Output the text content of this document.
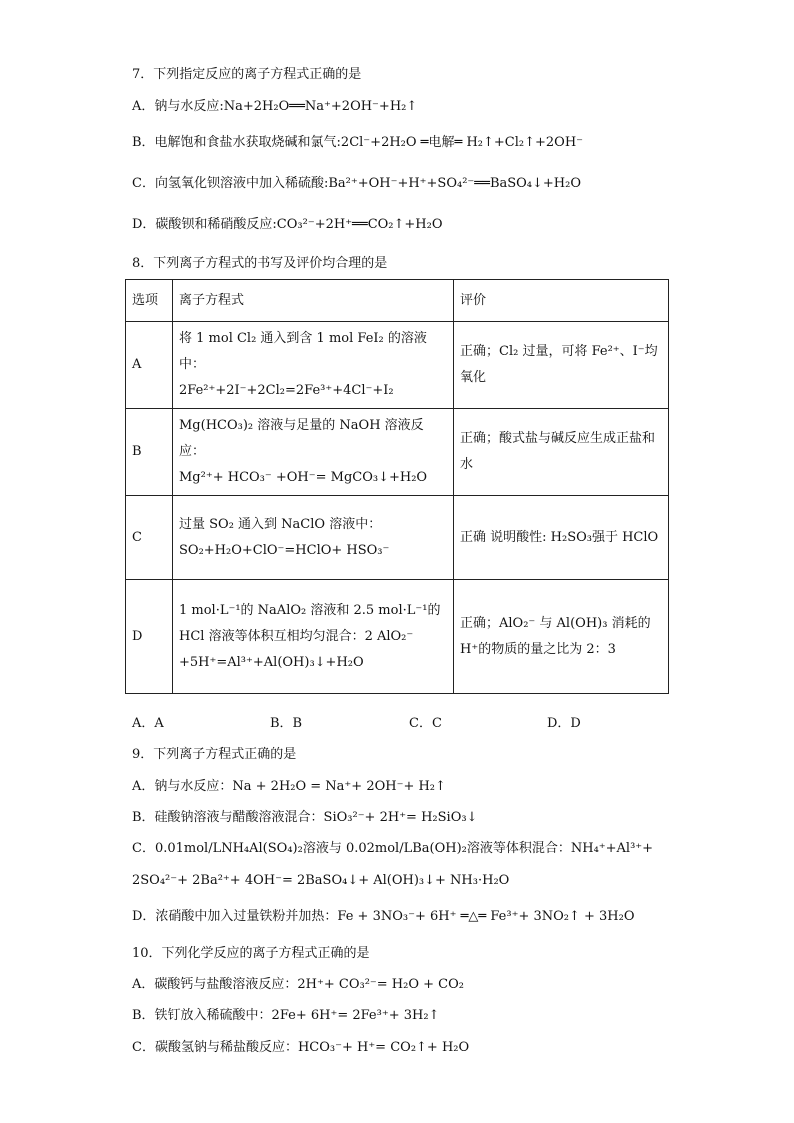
7．下列指定反应的离子方程式正确的是
A．钠与水反应:Na+2H₂O══Na⁺+2OH⁻+H₂↑
B．电解饱和食盐水获取烧碱和氯气:2Cl⁻+2H₂O ═电解═ H₂↑+Cl₂↑+2OH⁻
C．向氢氧化钡溶液中加入稀硫酸:Ba²⁺+OH⁻+H⁺+SO₄²⁻══BaSO₄↓+H₂O
D．碳酸钡和稀硝酸反应:CO₃²⁻+2H⁺══CO₂↑+H₂O
8．下列离子方程式的书写及评价均合理的是
选项	离子方程式	评价
A	将 1 mol Cl₂ 通入到含 1 mol FeI₂ 的溶液中：
2Fe²⁺+2I⁻+2Cl₂=2Fe³⁺+4Cl⁻+I₂	正确；Cl₂ 过量，可将 Fe²⁺、I⁻均氧化
B	Mg(HCO₃)₂ 溶液与足量的 NaOH 溶液反应：
Mg²⁺+ HCO₃⁻ +OH⁻= MgCO₃↓+H₂O	正确；酸式盐与碱反应生成正盐和水
C	过量 SO₂ 通入到 NaClO 溶液中：
SO₂+H₂O+ClO⁻=HClO+ HSO₃⁻	正确 说明酸性: H₂SO₃强于 HClO
D	1 mol·L⁻¹的 NaAlO₂ 溶液和 2.5 mol·L⁻¹的 HCl 溶液等体积互相均匀混合：2 AlO₂⁻
+5H⁺=Al³⁺+Al(OH)₃↓+H₂O	正确；AlO₂⁻ 与 Al(OH)₃ 消耗的 H⁺的物质的量之比为 2：3
A．A	B．B	C．C	D．D
9．下列离子方程式正确的是
A．钠与水反应：Na + 2H₂O = Na⁺+ 2OH⁻+ H₂↑
B．硅酸钠溶液与醋酸溶液混合：SiO₃²⁻+ 2H⁺= H₂SiO₃↓
C．0.01mol/LNH₄Al(SO₄)₂溶液与 0.02mol/LBa(OH)₂溶液等体积混合：NH₄⁺+Al³⁺+
2SO₄²⁻+ 2Ba²⁺+ 4OH⁻= 2BaSO₄↓+ Al(OH)₃↓+ NH₃·H₂O
D．浓硝酸中加入过量铁粉并加热：Fe + 3NO₃⁻+ 6H⁺ ═△═ Fe³⁺+ 3NO₂↑ + 3H₂O
10．下列化学反应的离子方程式正确的是
A．碳酸钙与盐酸溶液反应：2H⁺+ CO₃²⁻= H₂O + CO₂
B．铁钉放入稀硫酸中：2Fe+ 6H⁺= 2Fe³⁺+ 3H₂↑
C．碳酸氢钠与稀盐酸反应：HCO₃⁻+ H⁺= CO₂↑+ H₂O
